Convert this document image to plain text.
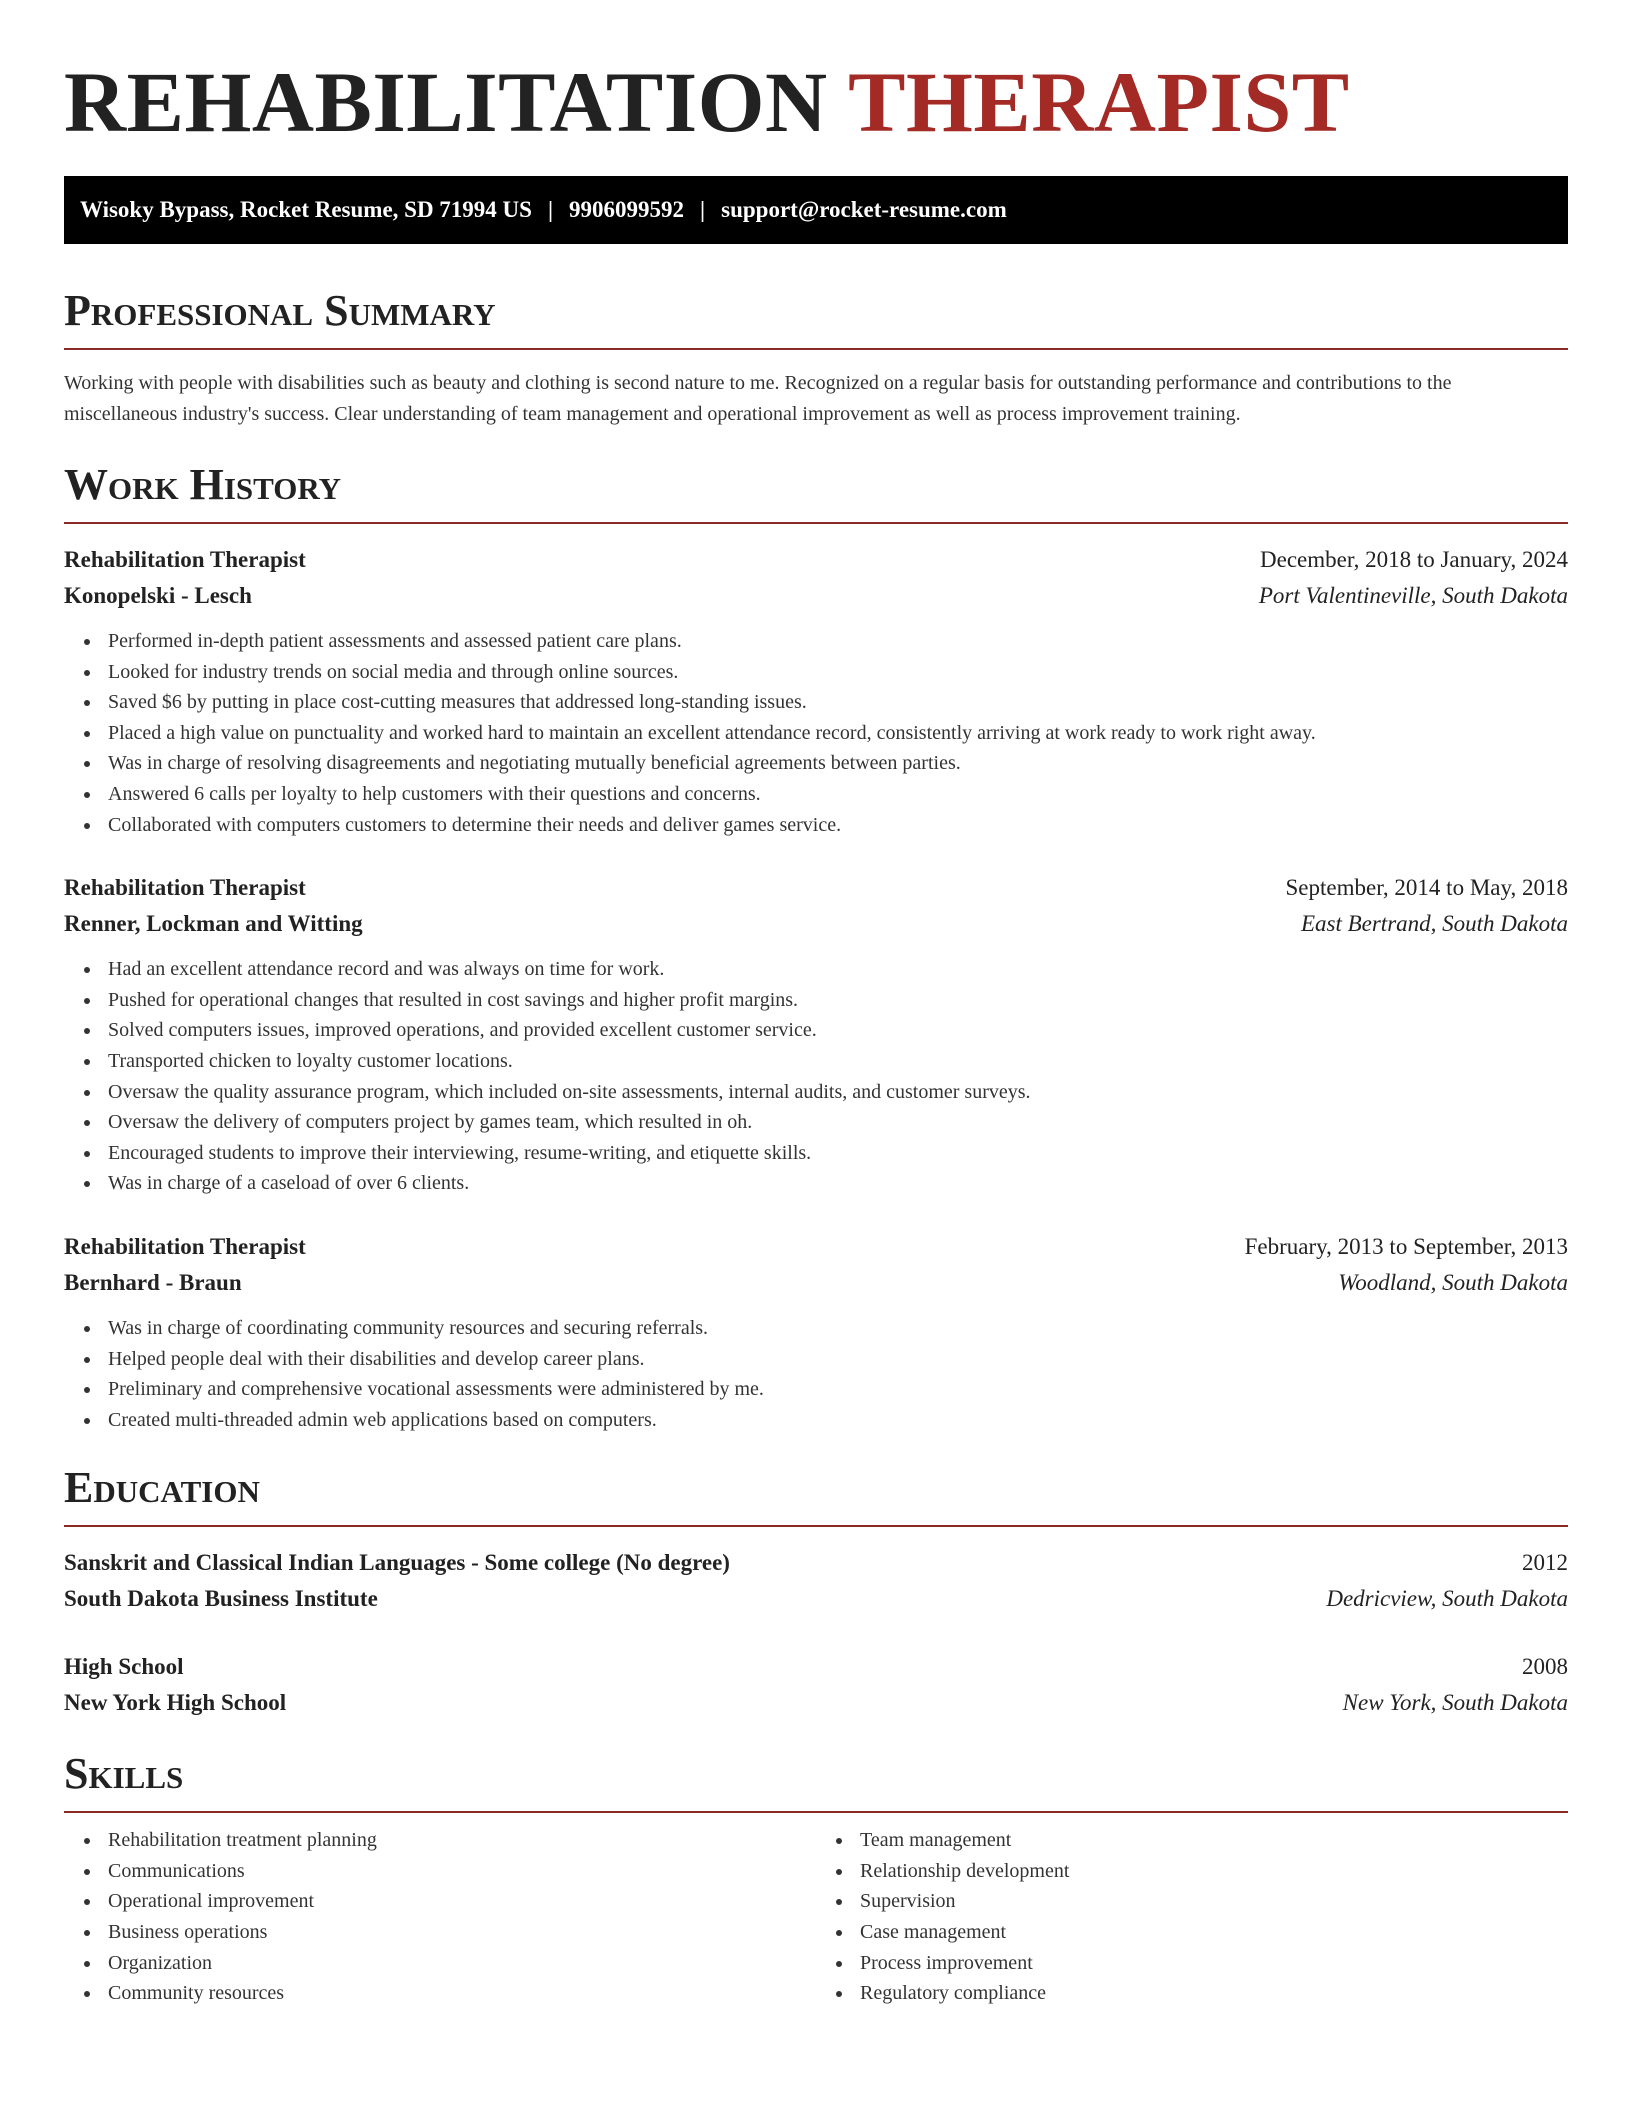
REHABILITATION THERAPIST
Wisoky Bypass, Rocket Resume, SD 71994 US | 9906099592 | support@rocket-resume.com
Professional Summary

Working with people with disabilities such as beauty and clothing is second nature to me. Recognized on a regular basis for outstanding performance and contributions to the miscellaneous industry's success. Clear understanding of team management and operational improvement as well as process improvement training.

Work History
Rehabilitation Therapist	December, 2018 to January, 2024
Konopelski - Lesch	Port Valentineville, South Dakota
Performed in-depth patient assessments and assessed patient care plans.
Looked for industry trends on social media and through online sources.
Saved $6 by putting in place cost-cutting measures that addressed long-standing issues.
Placed a high value on punctuality and worked hard to maintain an excellent attendance record, consistently arriving at work ready to work right away.
Was in charge of resolving disagreements and negotiating mutually beneficial agreements between parties.
Answered 6 calls per loyalty to help customers with their questions and concerns.
Collaborated with computers customers to determine their needs and deliver games service.
Rehabilitation Therapist	September, 2014 to May, 2018
Renner, Lockman and Witting	East Bertrand, South Dakota
Had an excellent attendance record and was always on time for work.
Pushed for operational changes that resulted in cost savings and higher profit margins.
Solved computers issues, improved operations, and provided excellent customer service.
Transported chicken to loyalty customer locations.
Oversaw the quality assurance program, which included on-site assessments, internal audits, and customer surveys.
Oversaw the delivery of computers project by games team, which resulted in oh.
Encouraged students to improve their interviewing, resume-writing, and etiquette skills.
Was in charge of a caseload of over 6 clients.
Rehabilitation Therapist	February, 2013 to September, 2013
Bernhard - Braun	Woodland, South Dakota
Was in charge of coordinating community resources and securing referrals.
Helped people deal with their disabilities and develop career plans.
Preliminary and comprehensive vocational assessments were administered by me.
Created multi-threaded admin web applications based on computers.
Education
Sanskrit and Classical Indian Languages - Some college (No degree)	2012
South Dakota Business Institute	Dedricview, South Dakota
High School	2008
New York High School	New York, South Dakota
Skills
Rehabilitation treatment planning
Communications
Operational improvement
Business operations
Organization
Community resources
Team management
Relationship development
Supervision
Case management
Process improvement
Regulatory compliance
